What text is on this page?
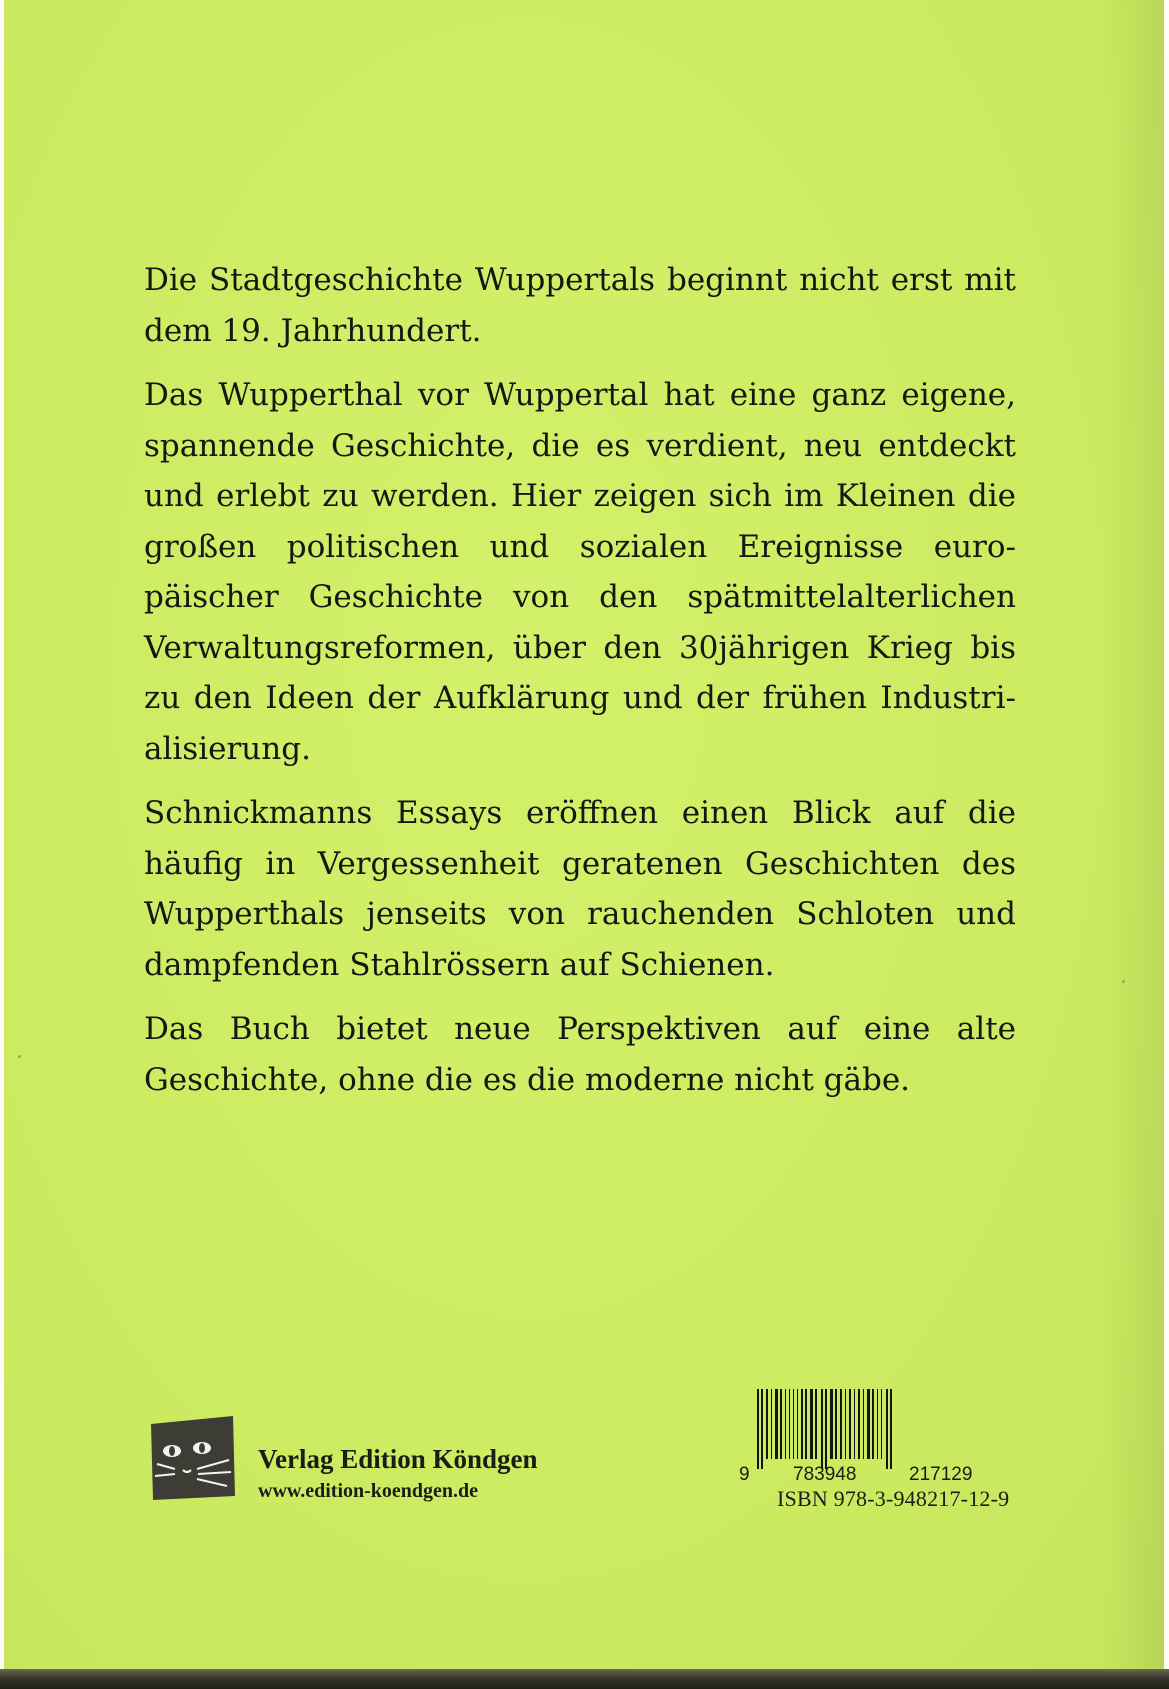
Die Stadtgeschichte Wuppertals beginnt nicht erst mit dem 19. Jahrhundert.

Das Wupperthal vor Wuppertal hat eine ganz eigene, spannende Geschichte, die es verdient, neu entdeckt und erlebt zu werden. Hier zeigen sich im Kleinen die großen politischen und sozialen Ereignisse europäischer Geschichte von den spätmittelalterlichen Verwaltungsreformen, über den 30jährigen Krieg bis zu den Ideen der Aufklärung und der frühen Industrialisierung.

Schnickmanns Essays eröffnen einen Blick auf die häufig in Vergessenheit geratenen Geschichten des Wupperthals jenseits von rauchenden Schloten und dampfenden Stahlrössern auf Schienen.

Das Buch bietet neue Perspektiven auf eine alte Geschichte, ohne die es die moderne nicht gäbe.

Verlag Edition Köndgen
www.edition-koendgen.de
9 783948	217129
ISBN 978-3-948217-12-9
